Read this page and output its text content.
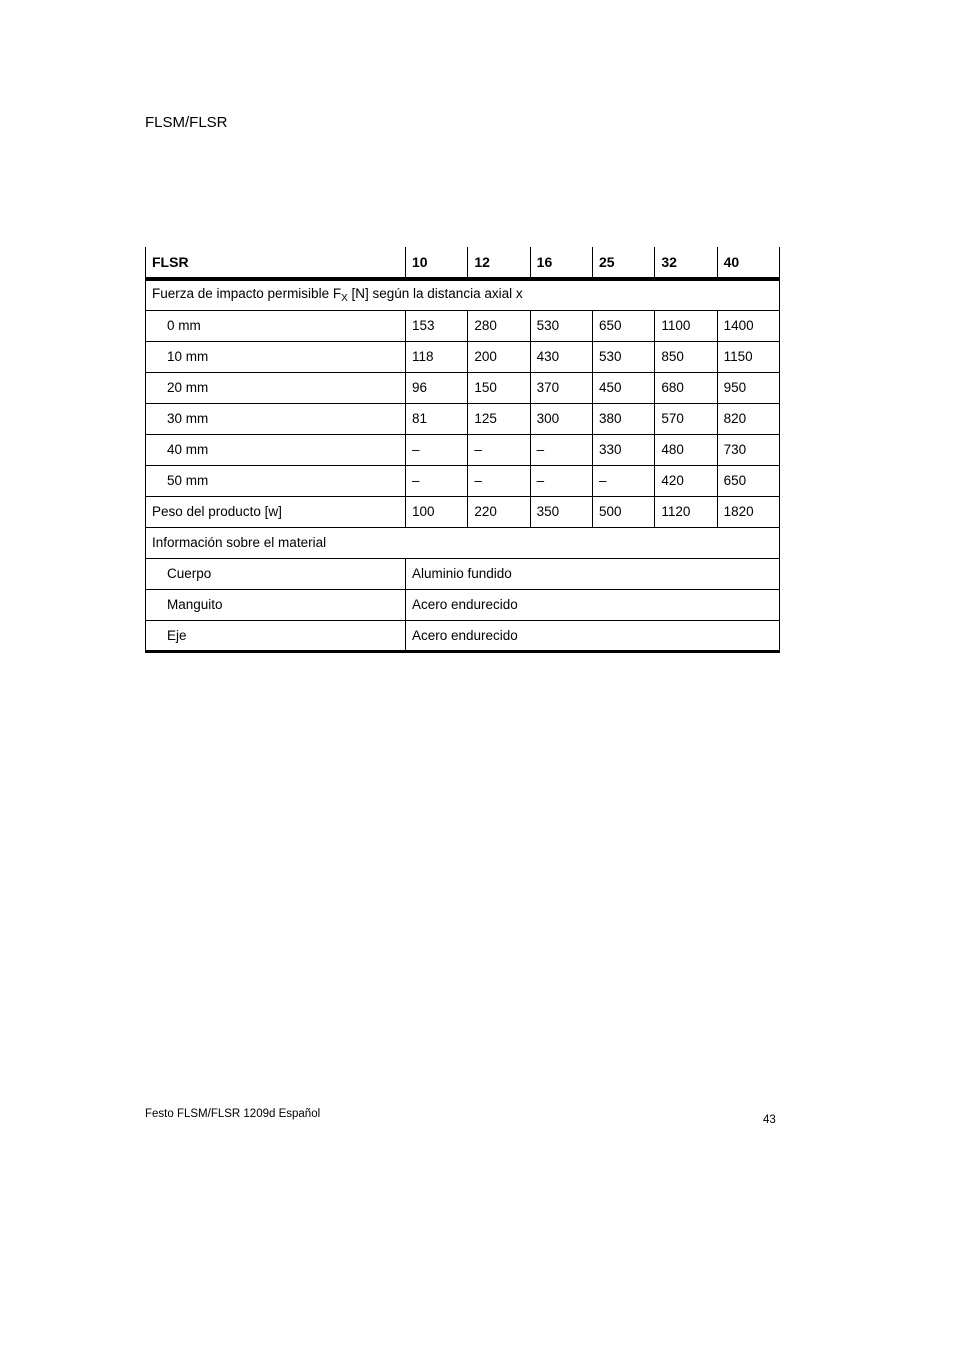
FLSM/FLSR
FLSR	10	12	16	25	32	40
Fuerza de impacto permisible $F_X$ [N] según la distancia axial x						
0 mm	153	280	530	650	1100	1400
10 mm	118	200	430	530	850	1150
20 mm	96	150	370	450	680	950
30 mm	81	125	300	380	570	820
40 mm	–	–	–	330	480	730
50 mm	–	–	–	–	420	650
Peso del producto [w]	100	220	350	500	1120	1820
Información sobre el material						
Cuerpo	Aluminio fundido					
Manguito	Acero endurecido					
Eje	Acero endurecido					
Festo FLSM/FLSR 1209d Español	43
